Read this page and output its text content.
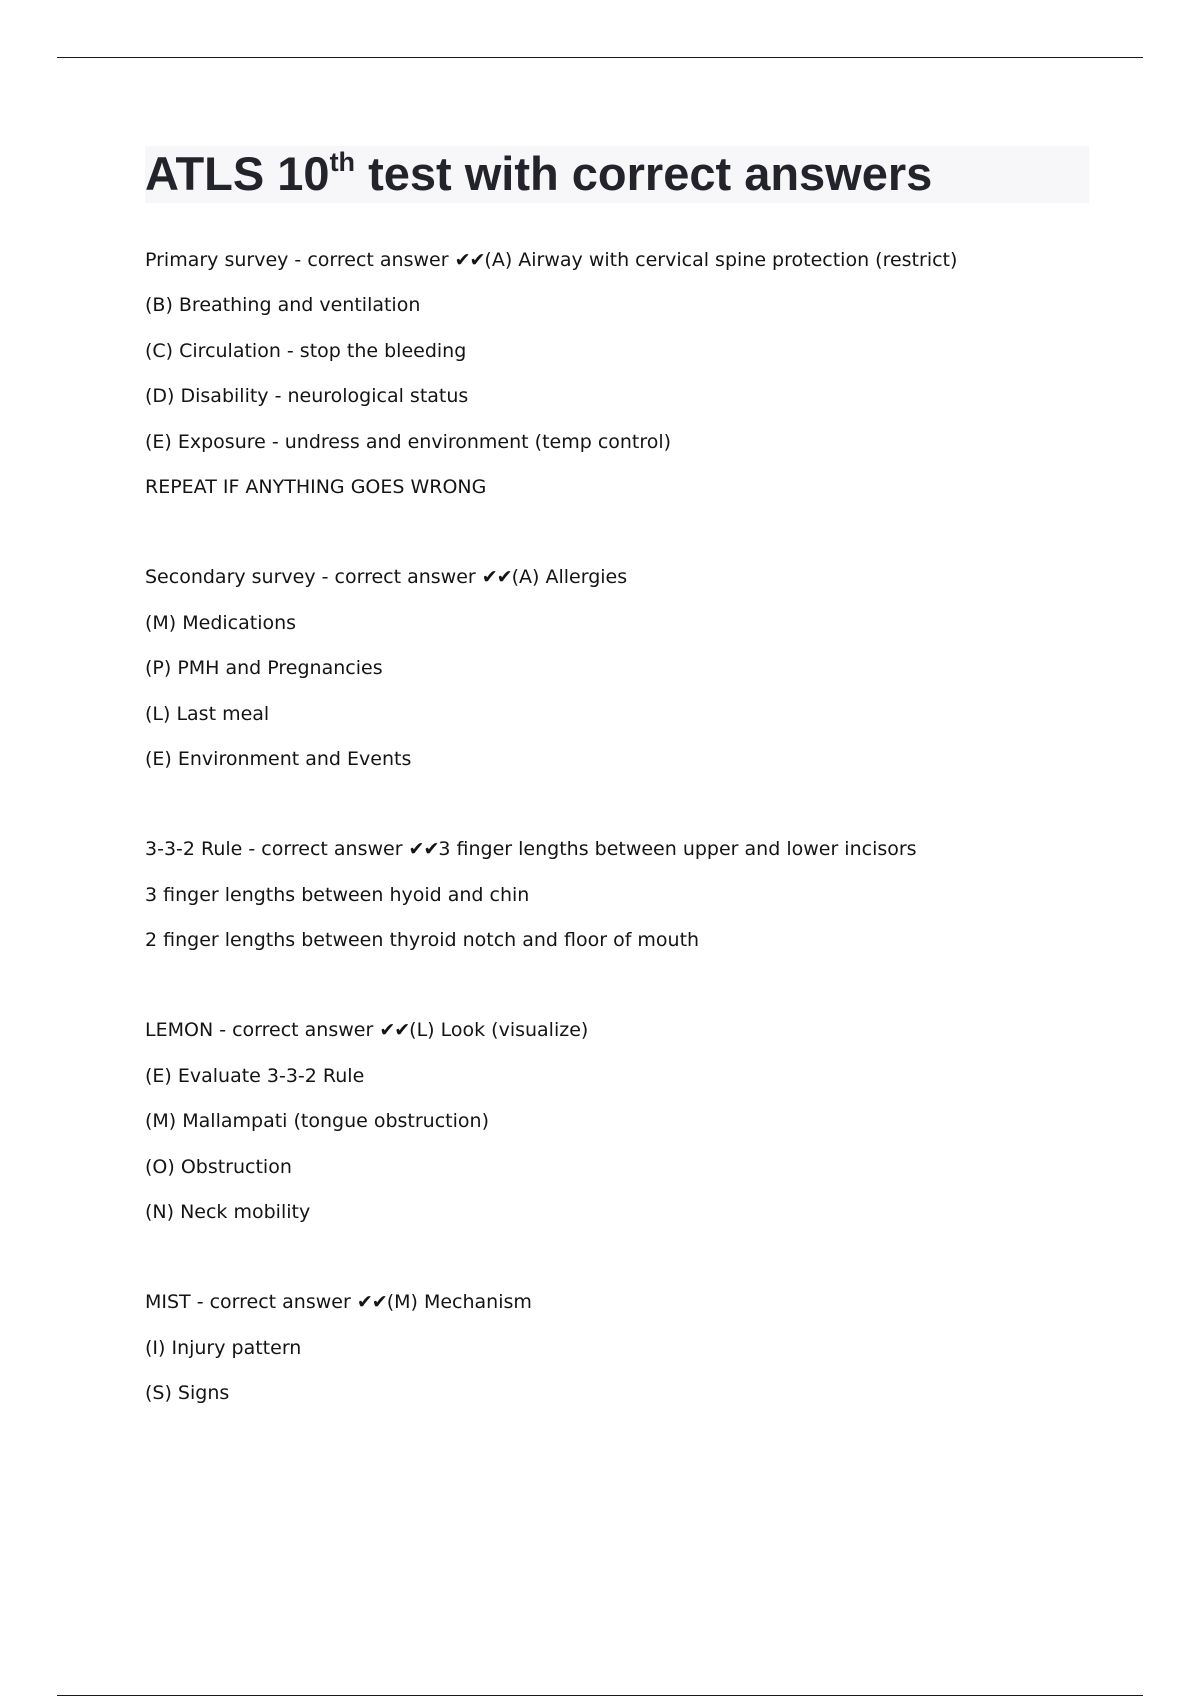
ATLS 10th test with correct answers
Primary survey - correct answer ✔✔(A) Airway with cervical spine protection (restrict)
(B) Breathing and ventilation
(C) Circulation - stop the bleeding
(D) Disability - neurological status
(E) Exposure - undress and environment (temp control)
REPEAT IF ANYTHING GOES WRONG
Secondary survey - correct answer ✔✔(A) Allergies
(M) Medications
(P) PMH and Pregnancies
(L) Last meal
(E) Environment and Events
3-3-2 Rule - correct answer ✔✔3 finger lengths between upper and lower incisors
3 finger lengths between hyoid and chin
2 finger lengths between thyroid notch and floor of mouth
LEMON - correct answer ✔✔(L) Look (visualize)
(E) Evaluate 3-3-2 Rule
(M) Mallampati (tongue obstruction)
(O) Obstruction
(N) Neck mobility
MIST - correct answer ✔✔(M) Mechanism
(I) Injury pattern
(S) Signs
